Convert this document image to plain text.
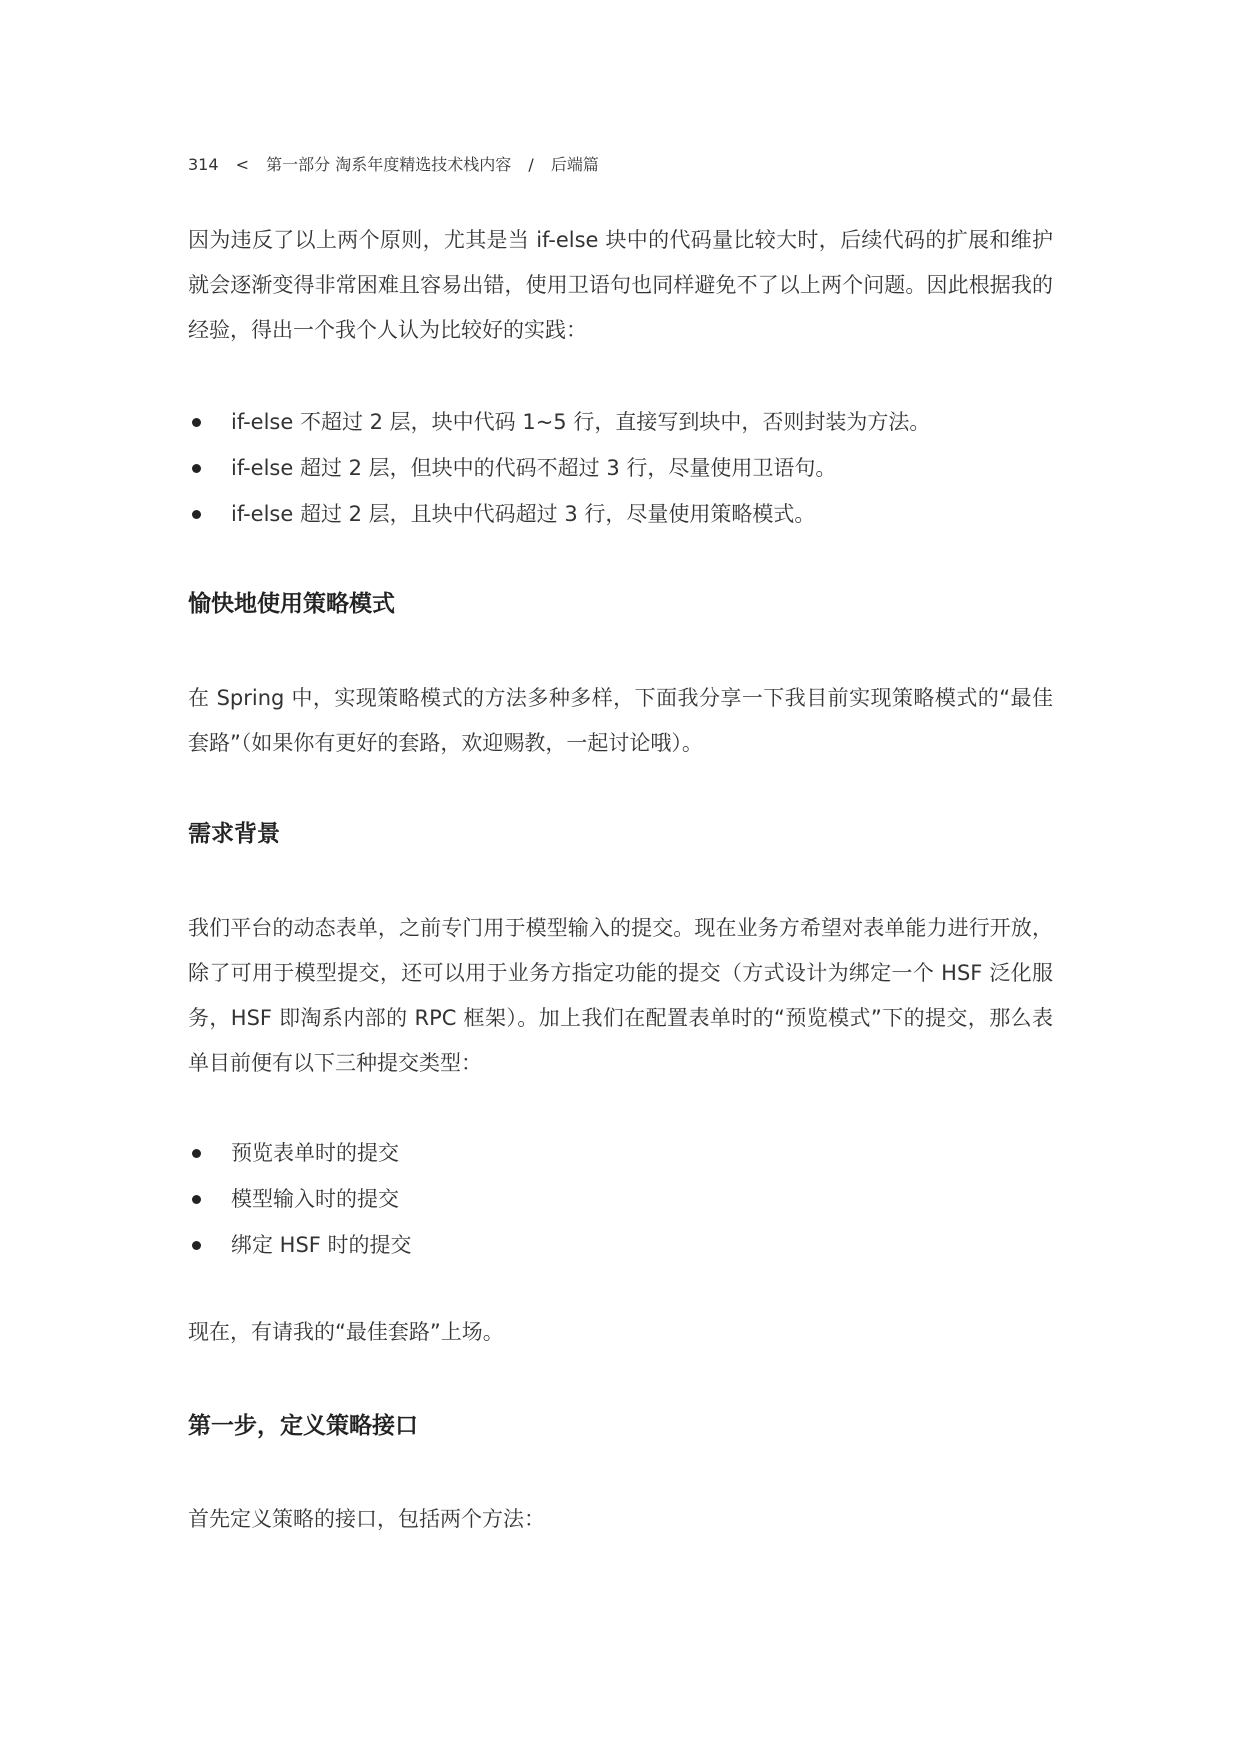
314 < 第一部分 淘系年度精选技术栈内容 / 后端篇

因为违反了以上两个原则，尤其是当 if-else 块中的代码量比较大时，后续代码的扩展和维护就会逐渐变得非常困难且容易出错，使用卫语句也同样避免不了以上两个问题。因此根据我的经验，得出一个我个人认为比较好的实践：

if-else 不超过 2 层，块中代码 1~5 行，直接写到块中，否则封装为方法。
if-else 超过 2 层，但块中的代码不超过 3 行，尽量使用卫语句。
if-else 超过 2 层，且块中代码超过 3 行，尽量使用策略模式。
愉快地使用策略模式

在 Spring 中，实现策略模式的方法多种多样，下面我分享一下我目前实现策略模式的“最佳套路”（如果你有更好的套路，欢迎赐教，一起讨论哦）。

需求背景

我们平台的动态表单，之前专门用于模型输入的提交。现在业务方希望对表单能力进行开放，除了可用于模型提交，还可以用于业务方指定功能的提交（方式设计为绑定一个 HSF 泛化服务，HSF 即淘系内部的 RPC 框架）。加上我们在配置表单时的“预览模式”下的提交，那么表单目前便有以下三种提交类型：

预览表单时的提交
模型输入时的提交
绑定 HSF 时的提交

现在，有请我的“最佳套路”上场。

第一步，定义策略接口

首先定义策略的接口，包括两个方法：
